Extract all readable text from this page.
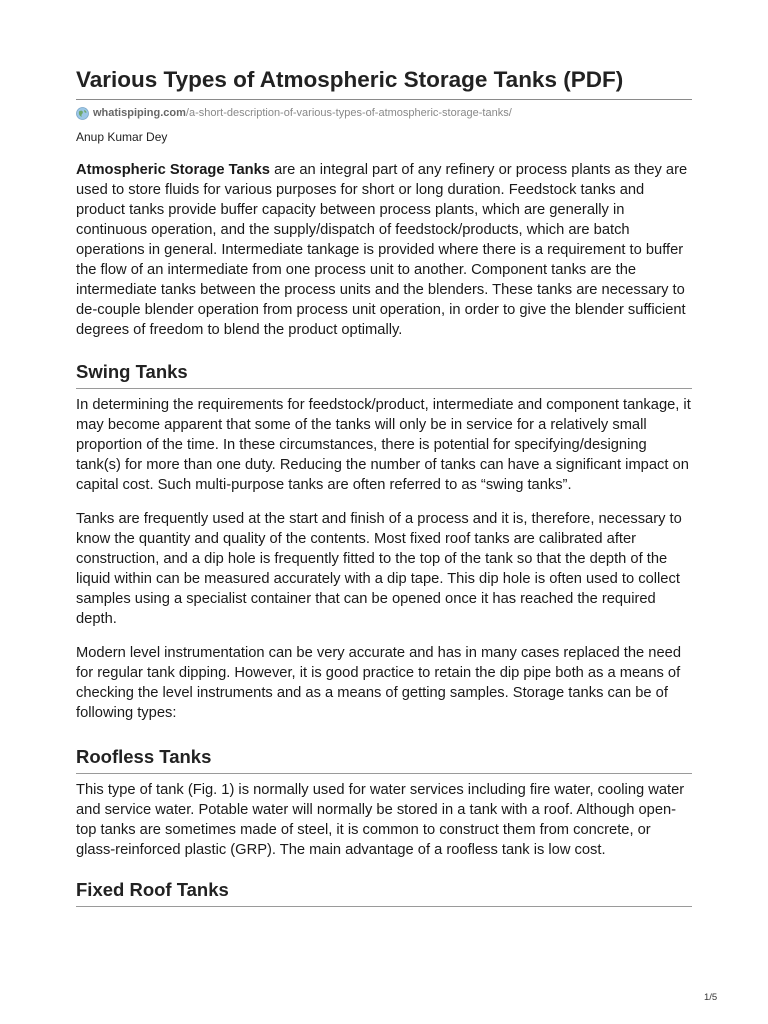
Various Types of Atmospheric Storage Tanks (PDF)
whatispiping.com /a-short-description-of-various-types-of-atmospheric-storage-tanks/
Anup Kumar Dey

Atmospheric Storage Tanks are an integral part of any refinery or process plants as they are used to store fluids for various purposes for short or long duration. Feedstock tanks and product tanks provide buffer capacity between process plants, which are generally in continuous operation, and the supply/dispatch of feedstock/products, which are batch operations in general. Intermediate tankage is provided where there is a requirement to buffer the flow of an intermediate from one process unit to another. Component tanks are the intermediate tanks between the process units and the blenders. These tanks are necessary to de-couple blender operation from process unit operation, in order to give the blender sufficient degrees of freedom to blend the product optimally.

Swing Tanks

In determining the requirements for feedstock/product, intermediate and component tankage, it may become apparent that some of the tanks will only be in service for a relatively small proportion of the time. In these circumstances, there is potential for specifying/designing tank(s) for more than one duty. Reducing the number of tanks can have a significant impact on capital cost. Such multi-purpose tanks are often referred to as “swing tanks”.

Tanks are frequently used at the start and finish of a process and it is, therefore, necessary to know the quantity and quality of the contents. Most fixed roof tanks are calibrated after construction, and a dip hole is frequently fitted to the top of the tank so that the depth of the liquid within can be measured accurately with a dip tape. This dip hole is often used to collect samples using a specialist container that can be opened once it has reached the required depth.

Modern level instrumentation can be very accurate and has in many cases replaced the need for regular tank dipping. However, it is good practice to retain the dip pipe both as a means of checking the level instruments and as a means of getting samples. Storage tanks can be of following types:

Roofless Tanks

This type of tank (Fig. 1) is normally used for water services including fire water, cooling water and service water. Potable water will normally be stored in a tank with a roof. Although open-top tanks are sometimes made of steel, it is common to construct them from concrete, or glass-reinforced plastic (GRP). The main advantage of a roofless tank is low cost.

Fixed Roof Tanks
1/5
